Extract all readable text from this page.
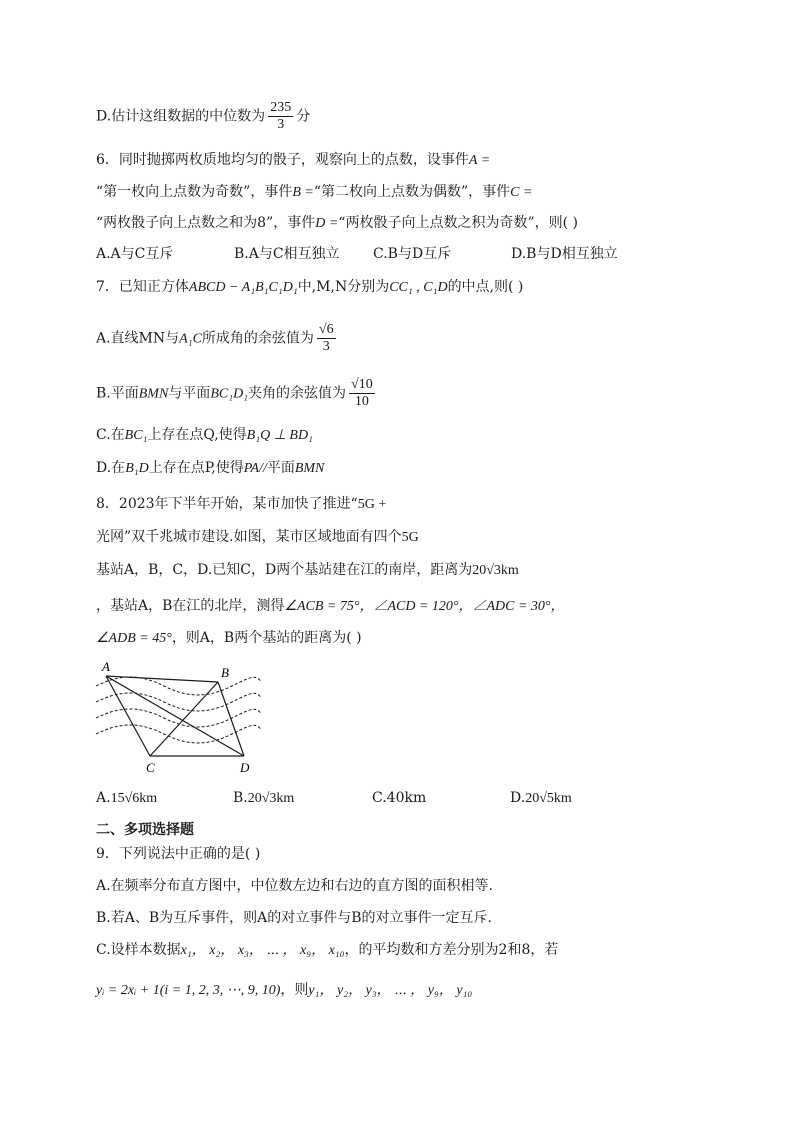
D.估计这组数据的中位数为 $\frac{235}{3}$ 分
6．同时抛掷两枚质地均匀的骰子，观察向上的点数，设事件A =
“第一枚向上点数为奇数”，事件B =“第二枚向上点数为偶数”，事件C =
“两枚骰子向上点数之和为8”，事件D =“两枚骰子向上点数之积为奇数”，则( )
A.A与C互斥	B.A与C相互独立 C.B与D互斥	D.B与D相互独立
7．已知正方体ABCD − A₁B₁C₁D₁中,M,N分别为CC₁ , C₁D的中点,则( )
A.直线MN与A₁C所成角的余弦值为 $\frac{√6}{3}$
B.平面BMN与平面BC₁D₁夹角的余弦值为 $\frac{√10}{10}$
C.在BC₁上存在点Q,使得B₁Q ⊥ BD₁
D.在B₁D上存在点P,使得PA//平面BMN
8．2023年下半年开始，某市加快了推进“5G +
光网”双千兆城市建设.如图，某市区域地面有四个5G
基站A，B，C，D.已知C，D两个基站建在江的南岸，距离为20√3km
，基站A，B在江的北岸，测得∠ACB = 75°，∠ACD = 120°，∠ADC = 30°，
∠ADB = 45°，则A，B两个基站的距离为( )
A	B
C	D
A.15√6km	B.20√3km	C.40km	D.20√5km
二、多项选择题
9．下列说法中正确的是( )
A.在频率分布直方图中，中位数左边和右边的直方图的面积相等.
B.若A、B为互斥事件，则A的对立事件与B的对立事件一定互斥.
C.设样本数据x₁， x₂， x₃， ⋯ ， x₉， x₁₀，的平均数和方差分别为2和8，若
yᵢ = 2xᵢ + 1(i = 1, 2, 3, ⋯, 9, 10)，则y₁， y₂， y₃， ⋯ ， y₉， y₁₀
